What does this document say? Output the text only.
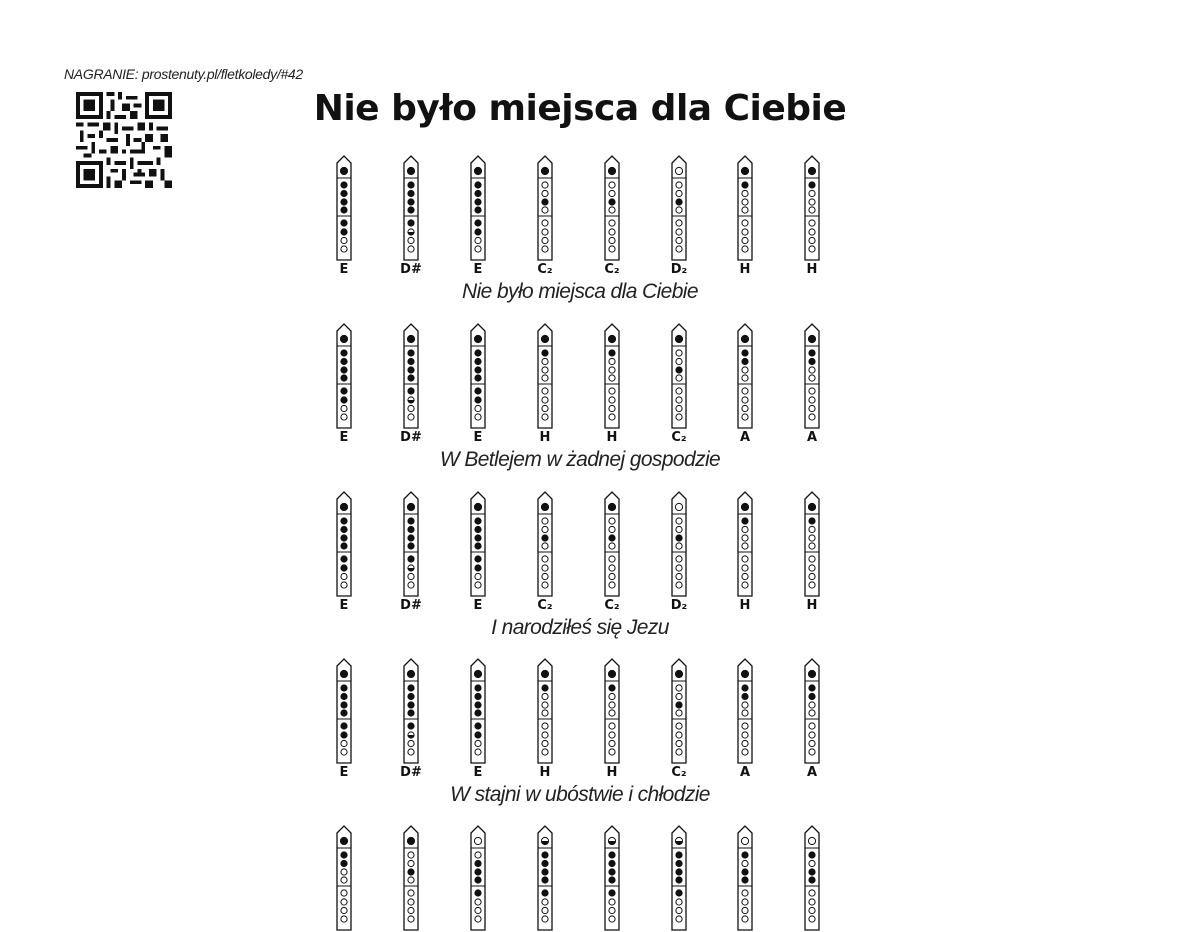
NAGRANIE: prostenuty.pl/fletkoledy/#42
Nie było miejsca dla Ciebie
E	D#	E	C₂	C₂	D₂	H	H
Nie było miejsca dla Ciebie
E	D#	E	H	H	C₂	A	A
W Betlejem w żadnej gospodzie
E	D#	E	C₂	C₂	D₂	H	H
I narodziłeś się Jezu
E	D#	E	H	H	C₂	A	A
W stajni w ubóstwie i chłodzie
